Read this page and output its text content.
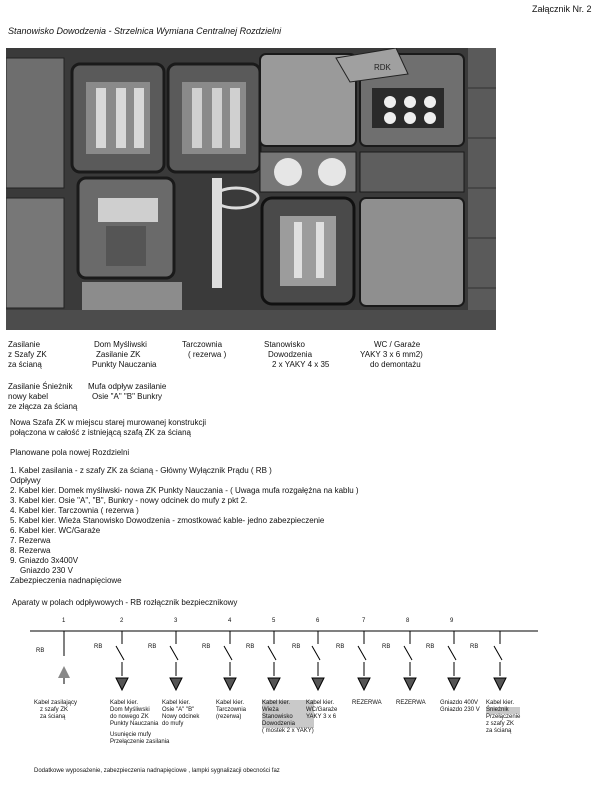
Załącznik Nr. 2
Stanowisko Dowodzenia - Strzelnica Wymiana Centralnej Rozdzielni
RDK
Zasilanie
z Szafy ZK
za ścianą
Dom Myśliwski
Zasilanie ZK
Punkty Nauczania
Tarczownia
( rezerwa )
Stanowisko
Dowodzenia
2 x YAKY 4 x 35
WC / Garaże
YAKY 3 x 6 mm2)
do demontażu
Zasilanie Śnieżnik
nowy kabel
ze złącza za ścianą
Mufa odpływ zasilanie
Osie "A" "B" Bunkry
Nowa Szafa ZK w miejscu starej murowanej konstrukcji
połączona w całość z istniejącą szafą ZK za ścianą
Planowane pola nowej Rozdzielni
1. Kabel zasilania - z szafy ZK za ścianą - Główny Wyłącznik Prądu ( RB )
Odpływy
2. Kabel kier. Domek myśliwski- nowa ZK Punkty Nauczania - ( Uwaga mufa rozgałężna na kablu )
3. Kabel kier. Osie "A", "B", Bunkry - nowy odcinek do mufy z pkt 2.
4. Kabel kier. Tarczownia ( rezerwa )
5. Kabel kier. Wieża Stanowisko Dowodzenia - zmostkować kable- jedno zabezpieczenie
6. Kabel kier. WC/Garaże
7. Rezerwa
8. Rezerwa
9. Gniazdo 3x400V
Gniazdo 230 V
Zabezpieczenia nadnapięciowe
Aparaty w polach odpływowych - RB rozłącznik bezpiecznikowy
1	2	3	4	5	6	7	8	9
RB
RB	RB	RB	RB	RB	RB	RB	RB	RB
Kabel zasilający
z szafy ZK
za ścianą
Kabel kier.
Dom Myśliwski
do nowego ZK
Punkty Nauczania
Usunięcie mufy
Przełączenie zasilania
Kabel kier.
Osie "A" "B"
Nowy odcinek
do mufy
Kabel kier.
Tarczownia
(rezerwa)
Kabel kier.
Wieża
Stanowisko
Dowodzenia
( mostek 2 x YAKY)
Kabel kier.
WC/Garaże
YAKY 3 x 6
REZERWA REZERWA Gniazdo 400V
Gniazdo 230 V
Kabel kier.
Śnieżnik
Przełączenie
z szafy ZK
za ścianą
Dodatkowe wyposażenie, zabezpieczenia nadnapięciowe , lampki sygnalizacji obecności faz
